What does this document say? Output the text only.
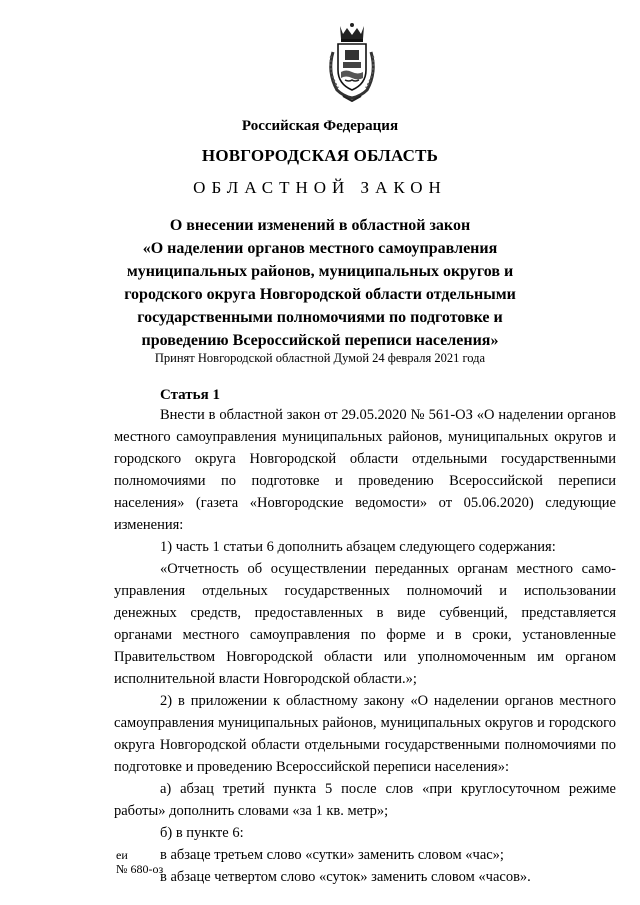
Российская Федерация
НОВГОРОДСКАЯ ОБЛАСТЬ
ОБЛАСТНОЙ ЗАКОН
О внесении изменений в областной закон
«О наделении органов местного самоуправления
муниципальных районов, муниципальных округов и
городского округа Новгородской области отдельными
государственными полномочиями по подготовке и
проведению Всероссийской переписи населения»
Принят Новгородской областной Думой 24 февраля 2021 года
Статья 1

Внести в областной закон от 29.05.2020 № 561-ОЗ «О наделении органов местного самоуправления муниципальных районов, муниципальных округов и городского округа Новгородской области отдельными государственными полномочиями по подготовке и проведению Всероссийской переписи населения» (газета «Новгородские ведомости» от 05.06.2020) следующие изменения:

1) часть 1 статьи 6 дополнить абзацем следующего содержания:

«Отчетность об осуществлении переданных органам местного самоуправления отдельных государственных полномочий и использовании денежных средств, предоставленных в виде субвенций, представляется органами местного самоуправления по форме и в сроки, установленные Правительством Новгородской области или уполномоченным им органом исполнительной власти Новгородской области.»;

2) в приложении к областному закону «О наделении органов местного самоуправления муниципальных районов, муниципальных округов и городского округа Новгородской области отдельными государственными полномочиями по подготовке и проведению Всероссийской переписи населения»:

а) абзац третий пункта 5 после слов «при круглосуточном режиме работы» дополнить словами «за 1 кв. метр»;

б) в пункте 6:

в абзаце третьем слово «сутки» заменить словом «час»;

в абзаце четвертом слово «суток» заменить словом «часов».

еи
№ 680-оз
